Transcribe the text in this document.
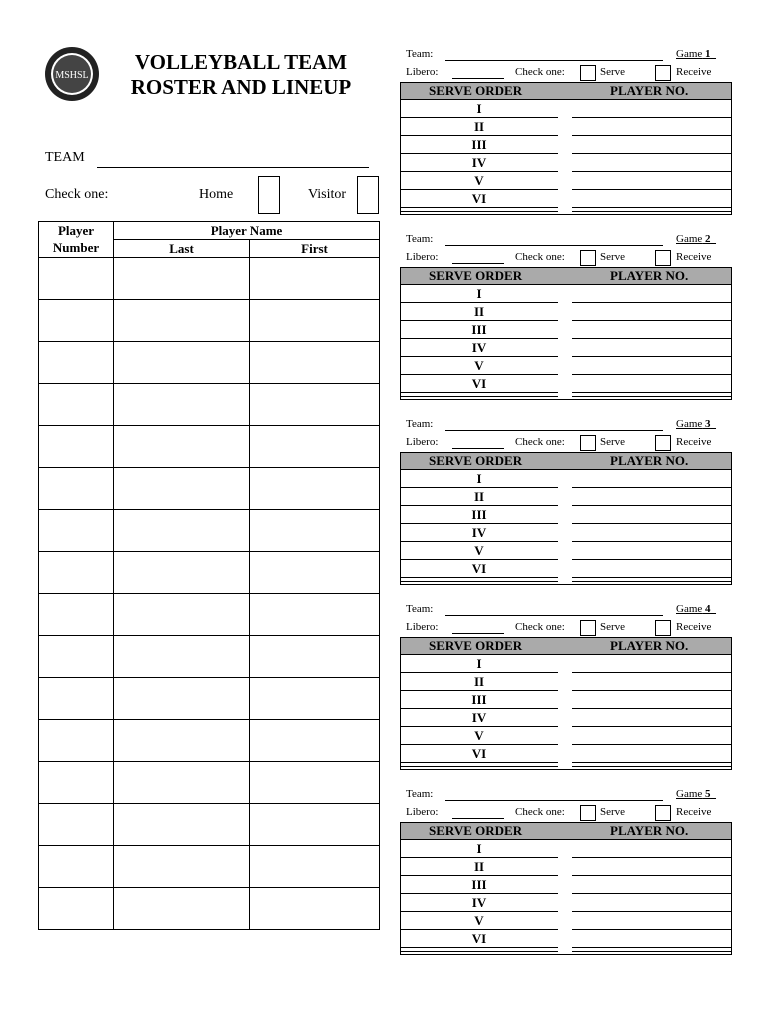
MSHSL
VOLLEYBALL TEAM
ROSTER AND LINEUP
TEAM
Check one:	Home	Visitor
Player	Player Name	
Number	Last	First

Team:	Game 1
Libero:	Check one:	Serve	Receive
SERVE ORDER	PLAYER NO.
I
II
III
IV
V
VI
Team:	Game 2
Libero:	Check one:	Serve	Receive
SERVE ORDER	PLAYER NO.
I
II
III
IV
V
VI
Team:	Game 3
Libero:	Check one:	Serve	Receive
SERVE ORDER	PLAYER NO.
I
II
III
IV
V
VI
Team:	Game 4
Libero:	Check one:	Serve	Receive
SERVE ORDER	PLAYER NO.
I
II
III
IV
V
VI
Team:	Game 5
Libero:	Check one:	Serve	Receive
SERVE ORDER	PLAYER NO.
I
II
III
IV
V
VI
